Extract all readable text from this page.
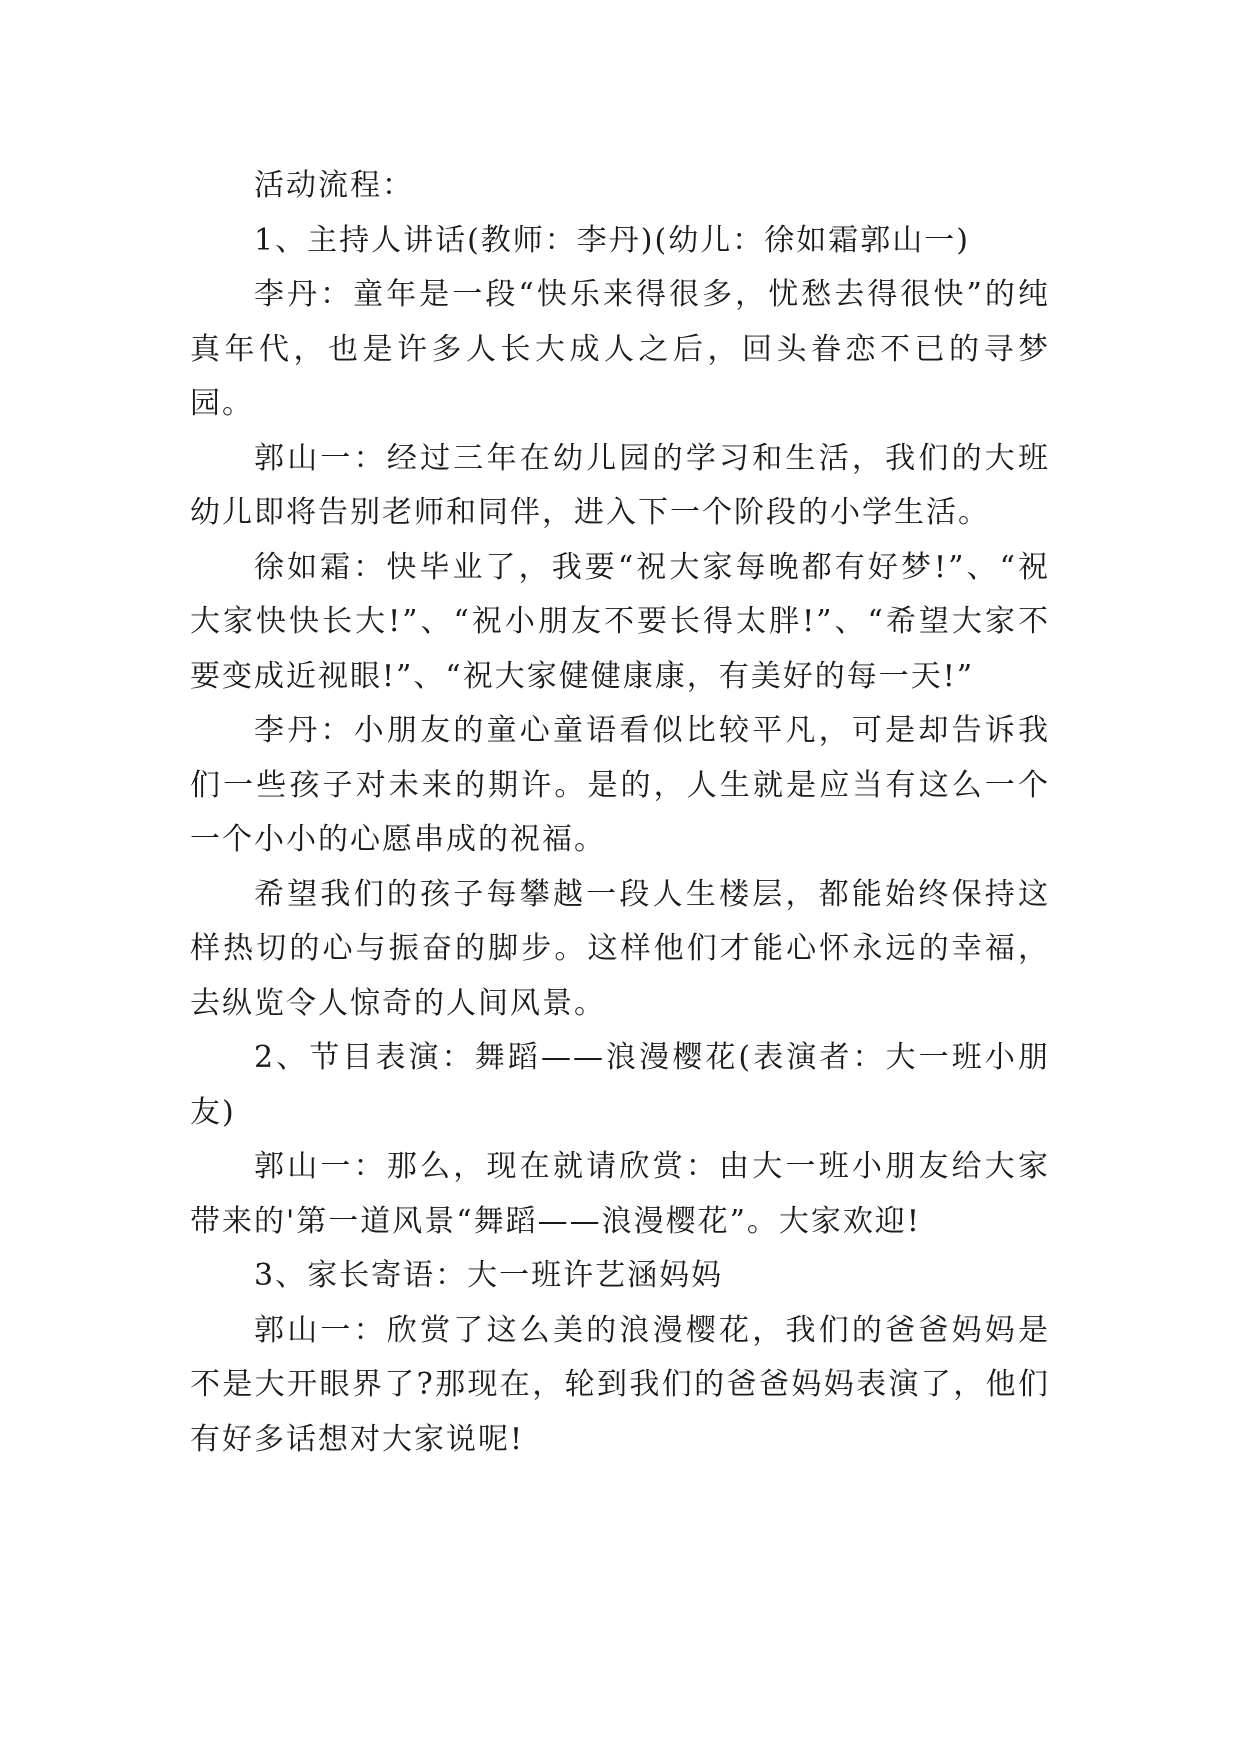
活动流程：

1、主持人讲话(教师：李丹)(幼儿：徐如霜郭山一)

李丹：童年是一段“快乐来得很多，忧愁去得很快”的纯真年代，也是许多人长大成人之后，回头眷恋不已的寻梦园。

郭山一：经过三年在幼儿园的学习和生活，我们的大班幼儿即将告别老师和同伴，进入下一个阶段的小学生活。

徐如霜：快毕业了，我要“祝大家每晚都有好梦!”、“祝大家快快长大!”、“祝小朋友不要长得太胖!”、“希望大家不要变成近视眼!”、“祝大家健健康康，有美好的每一天!”

李丹：小朋友的童心童语看似比较平凡，可是却告诉我们一些孩子对未来的期许。是的，人生就是应当有这么一个一个小小的心愿串成的祝福。

希望我们的孩子每攀越一段人生楼层，都能始终保持这样热切的心与振奋的脚步。这样他们才能心怀永远的幸福，去纵览令人惊奇的人间风景。

2、节目表演：舞蹈——浪漫樱花(表演者：大一班小朋友)

郭山一：那么，现在就请欣赏：由大一班小朋友给大家带来的'第一道风景“舞蹈——浪漫樱花”。大家欢迎!

3、家长寄语：大一班许艺涵妈妈

郭山一：欣赏了这么美的浪漫樱花，我们的爸爸妈妈是不是大开眼界了?那现在，轮到我们的爸爸妈妈表演了，他们有好多话想对大家说呢!
